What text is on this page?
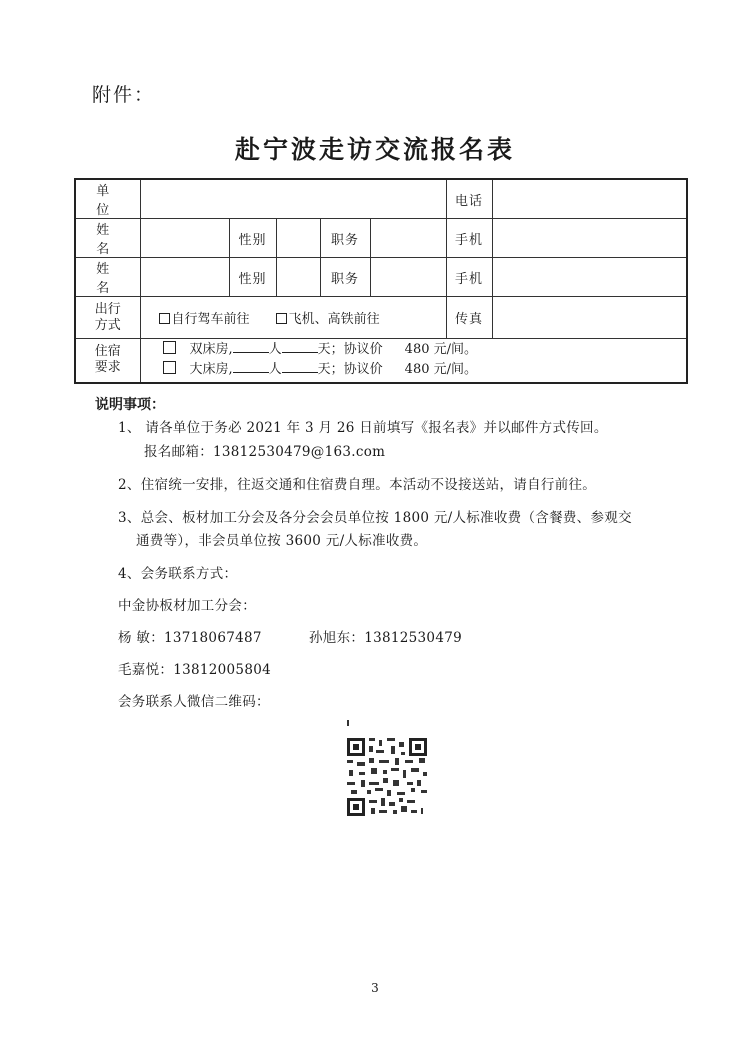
附件：
赴宁波走访交流报名表
单 位						电话	
姓 名		性别		职务		手机	
姓 名		性别		职务		手机	

出行方式	自行驾车前往 飞机、高铁前往					传真	

住宿要求	双床房, 人 天；协议价 480 元/间。
大床房, 人 天；协议价 480 元/间。						
说明事项：
1、 请各单位于务必 2021 年 3 月 26 日前填写《报名表》并以邮件方式传回。
报名邮箱：13812530479@163.com
2、住宿统一安排，往返交通和住宿费自理。本活动不设接送站，请自行前往。
3、总会、板材加工分会及各分会会员单位按 1800 元/人标准收费（含餐费、参观交
通费等），非会员单位按 3600 元/人标准收费。
4、会务联系方式：
中金协板材加工分会：
杨 敏：13718067487	孙旭东：13812530479
毛嘉悦：13812005804
会务联系人微信二维码：
3
